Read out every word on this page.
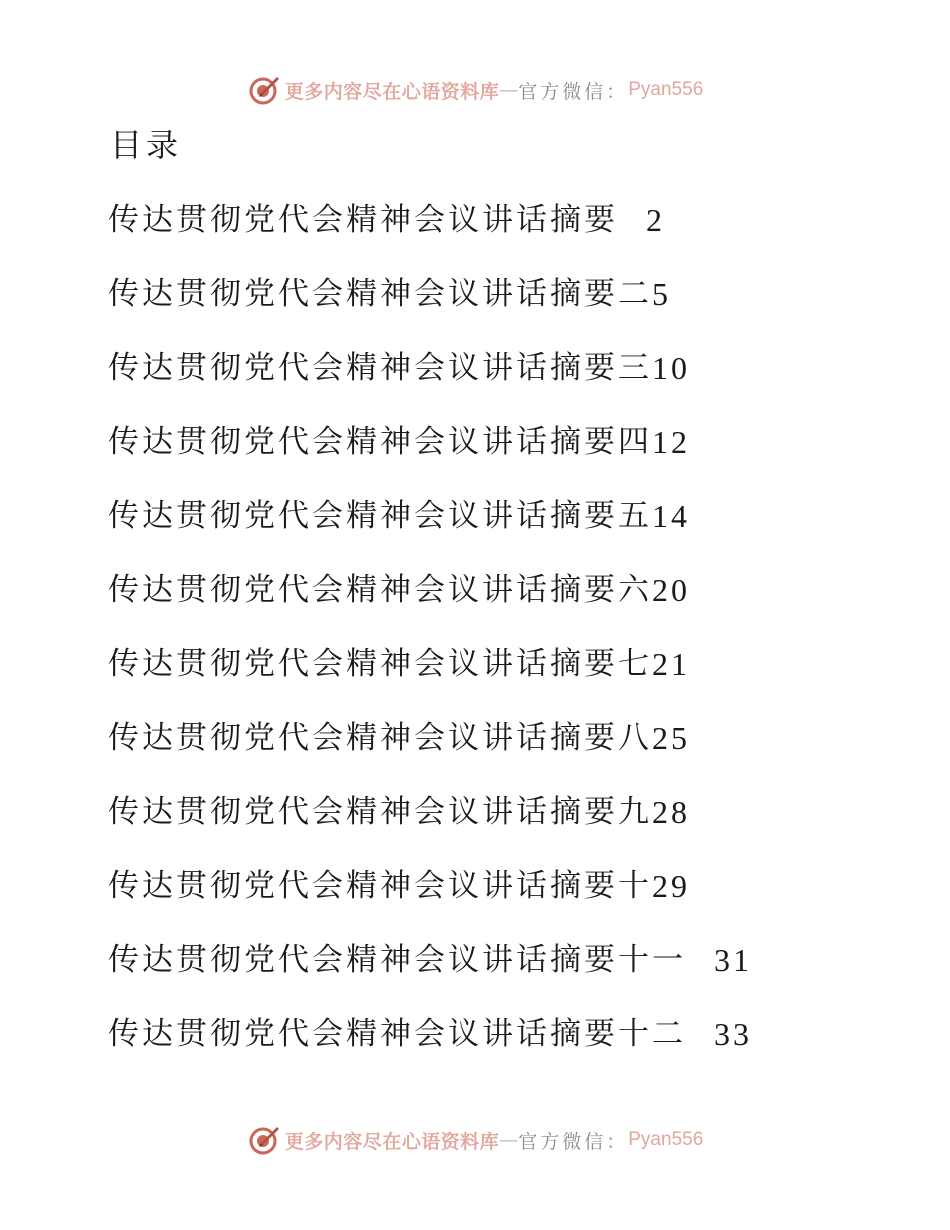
更多内容尽在心语资料库 — 官方微信： Pyan556
目录
传达贯彻党代会精神会议讲话摘要 2
传达贯彻党代会精神会议讲话摘要二 5
传达贯彻党代会精神会议讲话摘要三 10
传达贯彻党代会精神会议讲话摘要四 12
传达贯彻党代会精神会议讲话摘要五 14
传达贯彻党代会精神会议讲话摘要六 20
传达贯彻党代会精神会议讲话摘要七 21
传达贯彻党代会精神会议讲话摘要八 25
传达贯彻党代会精神会议讲话摘要九 28
传达贯彻党代会精神会议讲话摘要十 29
传达贯彻党代会精神会议讲话摘要十一 31
传达贯彻党代会精神会议讲话摘要十二 33
更多内容尽在心语资料库 — 官方微信： Pyan556
